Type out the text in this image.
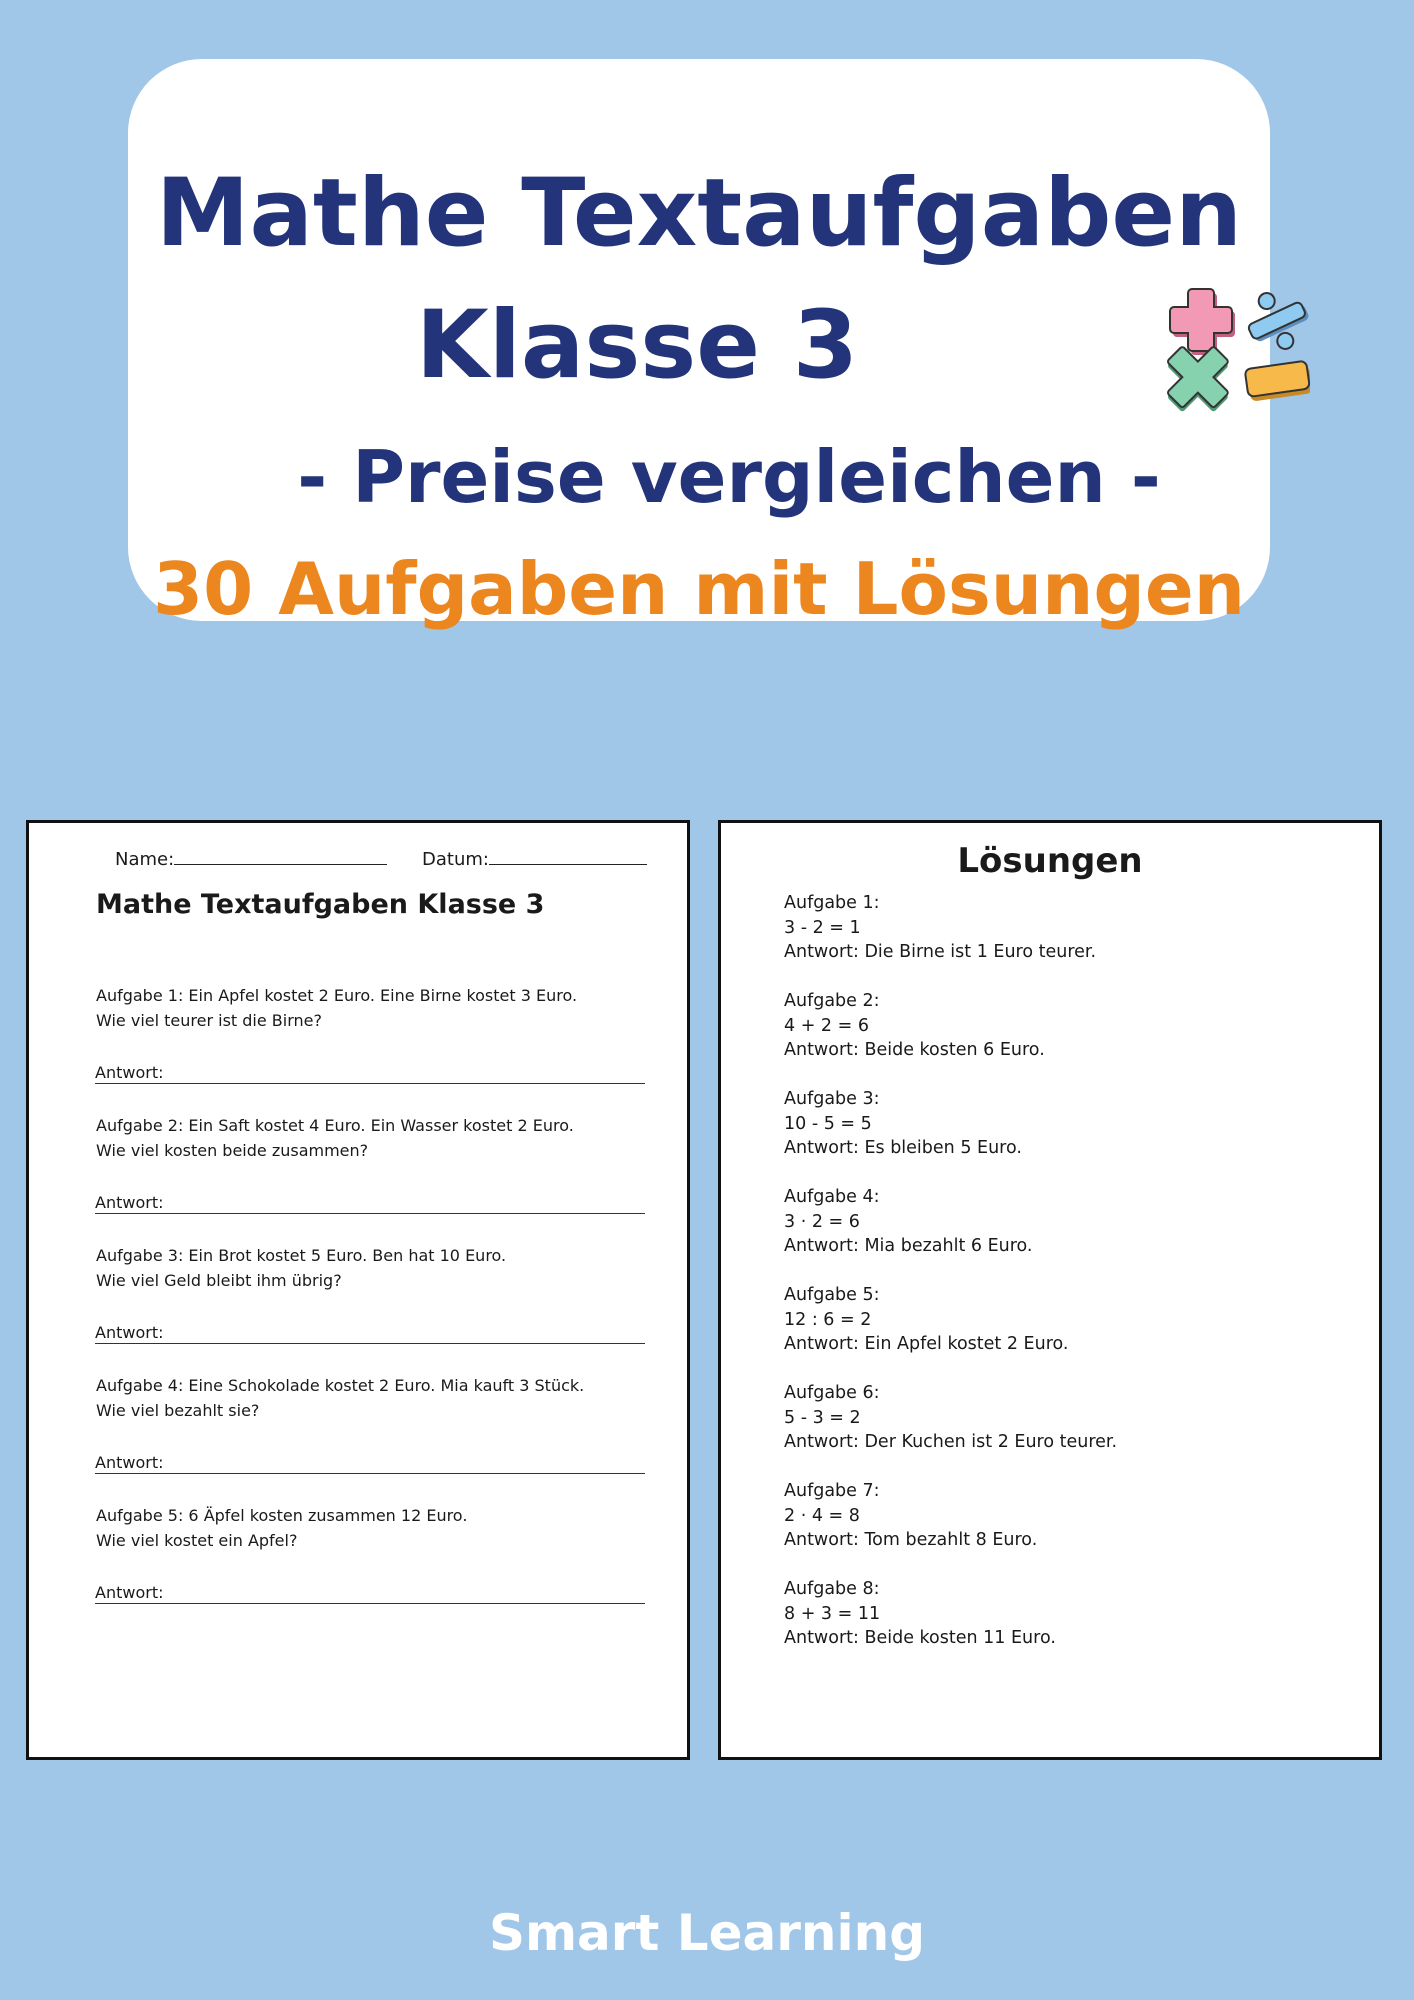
Mathe Textaufgaben
Klasse 3
- Preise vergleichen -
30 Aufgaben mit Lösungen
Name:	Datum:
Mathe Textaufgaben Klasse 3
Aufgabe 1: Ein Apfel kostet 2 Euro. Eine Birne kostet 3 Euro.
Wie viel teurer ist die Birne?
Antwort:
Aufgabe 2: Ein Saft kostet 4 Euro. Ein Wasser kostet 2 Euro.
Wie viel kosten beide zusammen?
Antwort:
Aufgabe 3: Ein Brot kostet 5 Euro. Ben hat 10 Euro.
Wie viel Geld bleibt ihm übrig?
Antwort:
Aufgabe 4: Eine Schokolade kostet 2 Euro. Mia kauft 3 Stück.
Wie viel bezahlt sie?
Antwort:
Aufgabe 5: 6 Äpfel kosten zusammen 12 Euro.
Wie viel kostet ein Apfel?
Antwort:
Lösungen
Aufgabe 1:
3 - 2 = 1
Antwort: Die Birne ist 1 Euro teurer.
Aufgabe 2:
4 + 2 = 6
Antwort: Beide kosten 6 Euro.
Aufgabe 3:
10 - 5 = 5
Antwort: Es bleiben 5 Euro.
Aufgabe 4:
3 · 2 = 6
Antwort: Mia bezahlt 6 Euro.
Aufgabe 5:
12 : 6 = 2
Antwort: Ein Apfel kostet 2 Euro.
Aufgabe 6:
5 - 3 = 2
Antwort: Der Kuchen ist 2 Euro teurer.
Aufgabe 7:
2 · 4 = 8
Antwort: Tom bezahlt 8 Euro.
Aufgabe 8:
8 + 3 = 11
Antwort: Beide kosten 11 Euro.
Smart Learning
